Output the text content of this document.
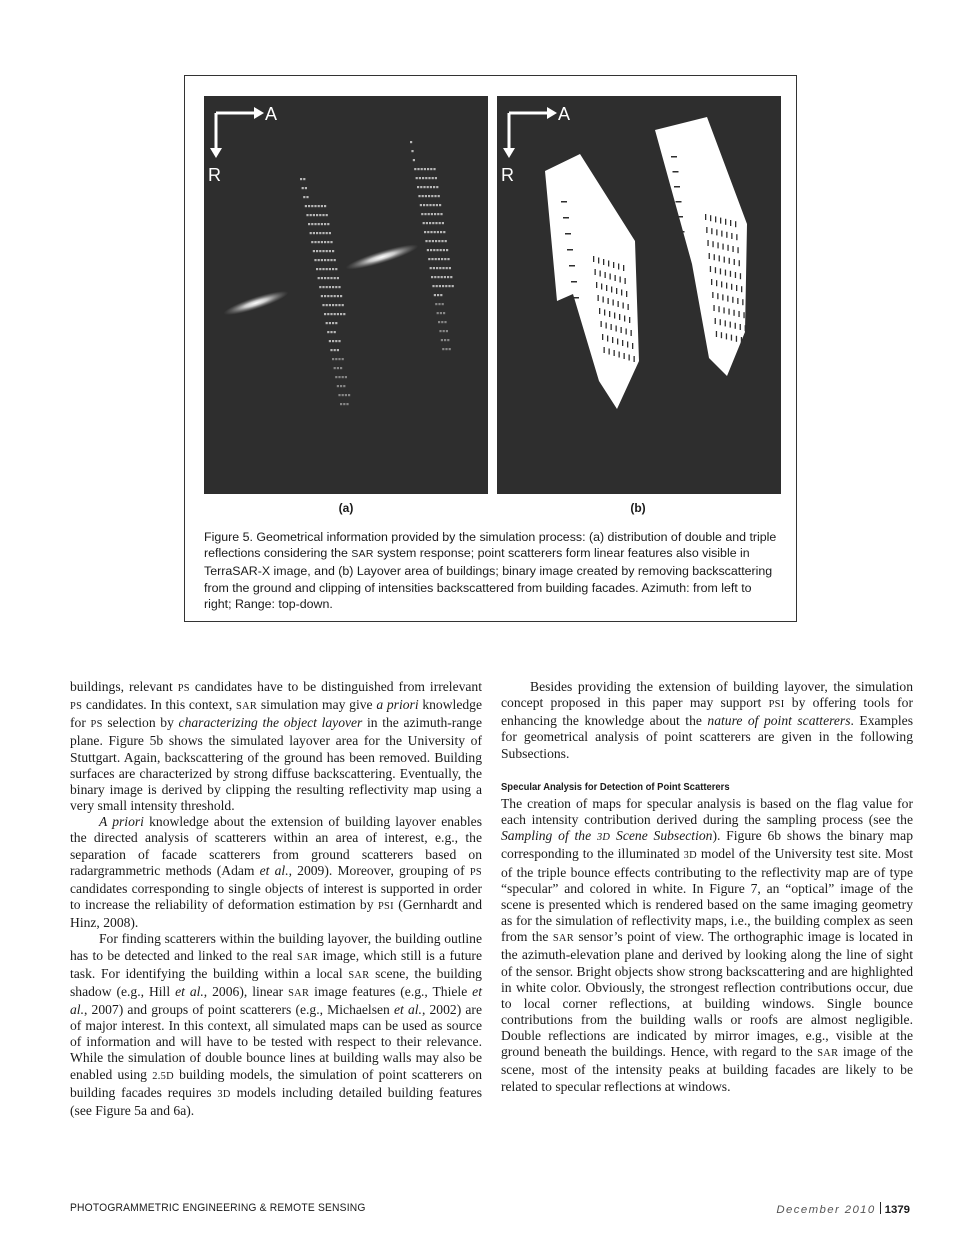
A
R
A
R
(a)	(b)
Figure 5. Geometrical information provided by the simulation process: (a) distribution of double and triple reflections considering the SAR system response; point scatterers form linear features also visible in TerraSAR-X image, and (b) Layover area of buildings; binary image created by removing backscattering from the ground and clipping of intensities backscattered from building facades. Azimuth: from left to right; Range: top-down.

buildings, relevant PS candidates have to be distinguished from irrelevant PS candidates. In this context, SAR simulation may give a priori knowledge for PS selection by characterizing the object layover in the azimuth-range plane. Figure 5b shows the simulated layover area for the University of Stuttgart. Again, backscattering of the ground has been removed. Building surfaces are characterized by strong diffuse backscattering. Eventually, the binary image is derived by clipping the resulting reflectivity map using a very small intensity threshold.

A priori knowledge about the extension of building layover enables the directed analysis of scatterers within an area of interest, e.g., the separation of facade scatterers from ground scatterers based on radargrammetric methods (Adam et al., 2009). Moreover, grouping of PS candidates corresponding to single objects of interest is supported in order to increase the reliability of deformation estimation by PSI (Gernhardt and Hinz, 2008).

For finding scatterers within the building layover, the building outline has to be detected and linked to the real SAR image, which still is a future task. For identifying the building within a local SAR scene, the building shadow (e.g., Hill et al., 2006), linear SAR image features (e.g., Thiele et al., 2007) and groups of point scatterers (e.g., Michaelsen et al., 2002) are of major interest. In this context, all simulated maps can be used as source of information and will have to be tested with respect to their relevance. While the simulation of double bounce lines at building walls may also be enabled using 2.5D building models, the simulation of point scatterers on building facades requires 3D models including detailed building features (see Figure 5a and 6a).

Besides providing the extension of building layover, the simulation concept proposed in this paper may support PSI by offering tools for enhancing the knowledge about the nature of point scatterers. Examples for geometrical analysis of point scatterers are given in the following Subsections.

Specular Analysis for Detection of Point Scatterers

The creation of maps for specular analysis is based on the flag value for each intensity contribution derived during the sampling process (see the Sampling of the 3D Scene Subsection). Figure 6b shows the binary map corresponding to the illuminated 3D model of the University test site. Most of the triple bounce effects contributing to the reflectivity map are of type “specular” and colored in white. In Figure 7, an “optical” image of the scene is presented which is rendered based on the same imaging geometry as for the simulation of reflectivity maps, i.e., the building complex as seen from the SAR sensor’s point of view. The orthographic image is located in the azimuth-elevation plane and derived by looking along the line of sight of the sensor. Bright objects show strong backscattering and are highlighted in white color. Obviously, the strongest reflection contributions occur, due to local corner reflections, at building windows. Single bounce contributions from the building walls or roofs are almost negligible. Double reflections are indicated by mirror images, e.g., visible at the ground beneath the buildings. Hence, with regard to the SAR image of the scene, most of the intensity peaks at building facades are likely to be related to specular reflections at windows.

PHOTOGRAMMETRIC ENGINEERING & REMOTE SENSING	December 2010 1379
